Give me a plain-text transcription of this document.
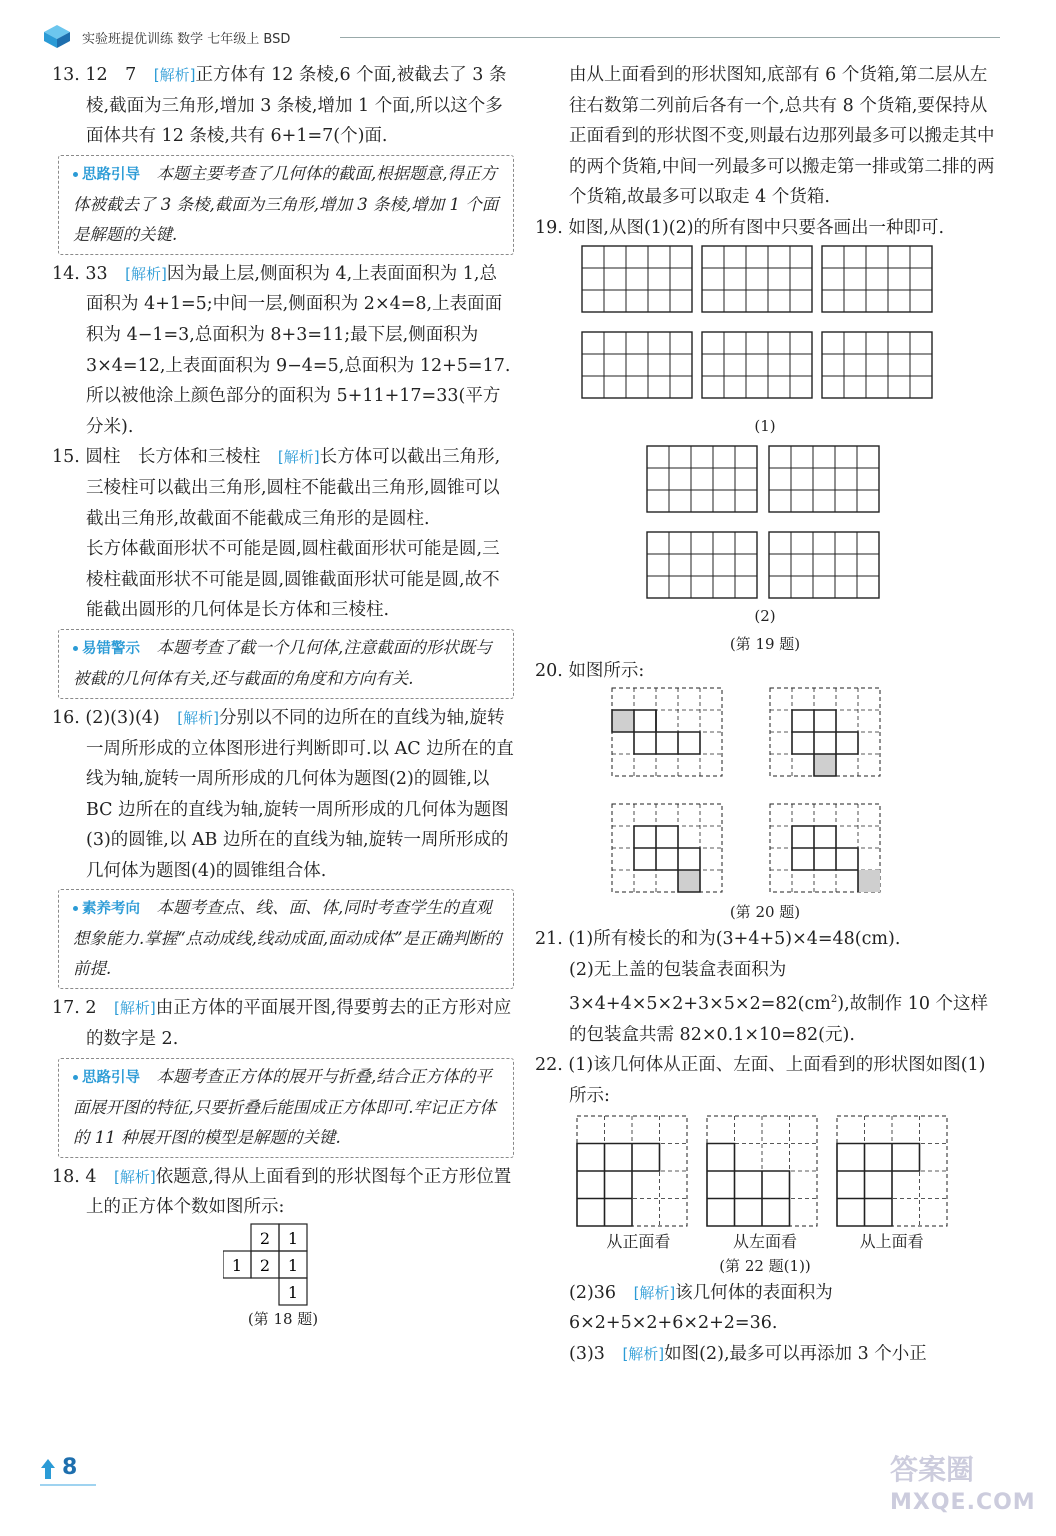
实验班提优训练 数学 七年级上 BSD

13. 12　7　[解析]正方体有 12 条棱,6 个面,被截去了 3 条棱,截面为三角形,增加 3 条棱,增加 1 个面,所以这个多面体共有 12 条棱,共有 6+1=7(个)面.

思路引导　 本题主要考查了几何体的截面,根据题意,得正方体被截去了 3 条棱,截面为三角形,增加 3 条棱,增加 1 个面是解题的关键.

14. 33　[解析]因为最上层,侧面积为 4,上表面面积为 1,总面积为 4+1=5;中间一层,侧面积为 2×4=8,上表面面积为 4−1=3,总面积为 8+3=11;最下层,侧面积为 3×4=12,上表面面积为 9−4=5,总面积为 12+5=17.所以被他涂上颜色部分的面积为 5+11+17=33(平方分米).

15. 圆柱　长方体和三棱柱　[解析]长方体可以截出三角形,三棱柱可以截出三角形,圆柱不能截出三角形,圆锥可以截出三角形,故截面不能截成三角形的是圆柱.

长方体截面形状不可能是圆,圆柱截面形状可能是圆,三棱柱截面形状不可能是圆,圆锥截面形状可能是圆,故不能截出圆形的几何体是长方体和三棱柱.

易错警示　 本题考查了截一个几何体,注意截面的形状既与被截的几何体有关,还与截面的角度和方向有关.

16. (2)(3)(4)　[解析]分别以不同的边所在的直线为轴,旋转一周所形成的立体图形进行判断即可.以 AC 边所在的直线为轴,旋转一周所形成的几何体为题图(2)的圆锥,以 BC 边所在的直线为轴,旋转一周所形成的几何体为题图(3)的圆锥,以 AB 边所在的直线为轴,旋转一周所形成的几何体为题图(4)的圆锥组合体.

素养考向　 本题考查点、线、面、体,同时考查学生的直观想象能力.掌握“点动成线,线动成面,面动成体”是正确判断的前提.

17. 2　[解析]由正方体的平面展开图,得要剪去的正方形对应的数字是 2.

思路引导　 本题考查正方体的展开与折叠,结合正方体的平面展开图的特征,只要折叠后能围成正方体即可.牢记正方体的 11 种展开图的模型是解题的关键.

18. 4　[解析]依题意,得从上面看到的形状图每个正方形位置上的正方体个数如图所示:

2 1
1 2 1
1
(第 18 题)

由从上面看到的形状图知,底部有 6 个货箱,第二层从左往右数第二列前后各有一个,总共有 8 个货箱,要保持从正面看到的形状图不变,则最右边那列最多可以搬走其中的两个货箱,中间一列最多可以搬走第一排或第二排的两个货箱,故最多可以取走 4 个货箱.

19. 如图,从图(1)(2)的所有图中只要各画出一种即可.

(1)
(2)
(第 19 题)

20. 如图所示:

(第 20 题)

21. (1)所有棱长的和为(3+4+5)×4=48(cm).

(2)无上盖的包装盒表面积为 $3\times 4+4\times 5\times 2+3\times 5\times 2=82(cm^2)$,故制作 10 个这样的包装盒共需 82×0.1×10=82(元).

22. (1)该几何体从正面、左面、上面看到的形状图如图(1)所示:

从正面看	从左面看	从上面看
(第 22 题(1))

(2)36　[解析]该几何体的表面积为 6×2+5×2+6×2+2=36.

(3)3　[解析]如图(2),最多可以再添加 3 个小正

8	答案圈
MXQE.COM
